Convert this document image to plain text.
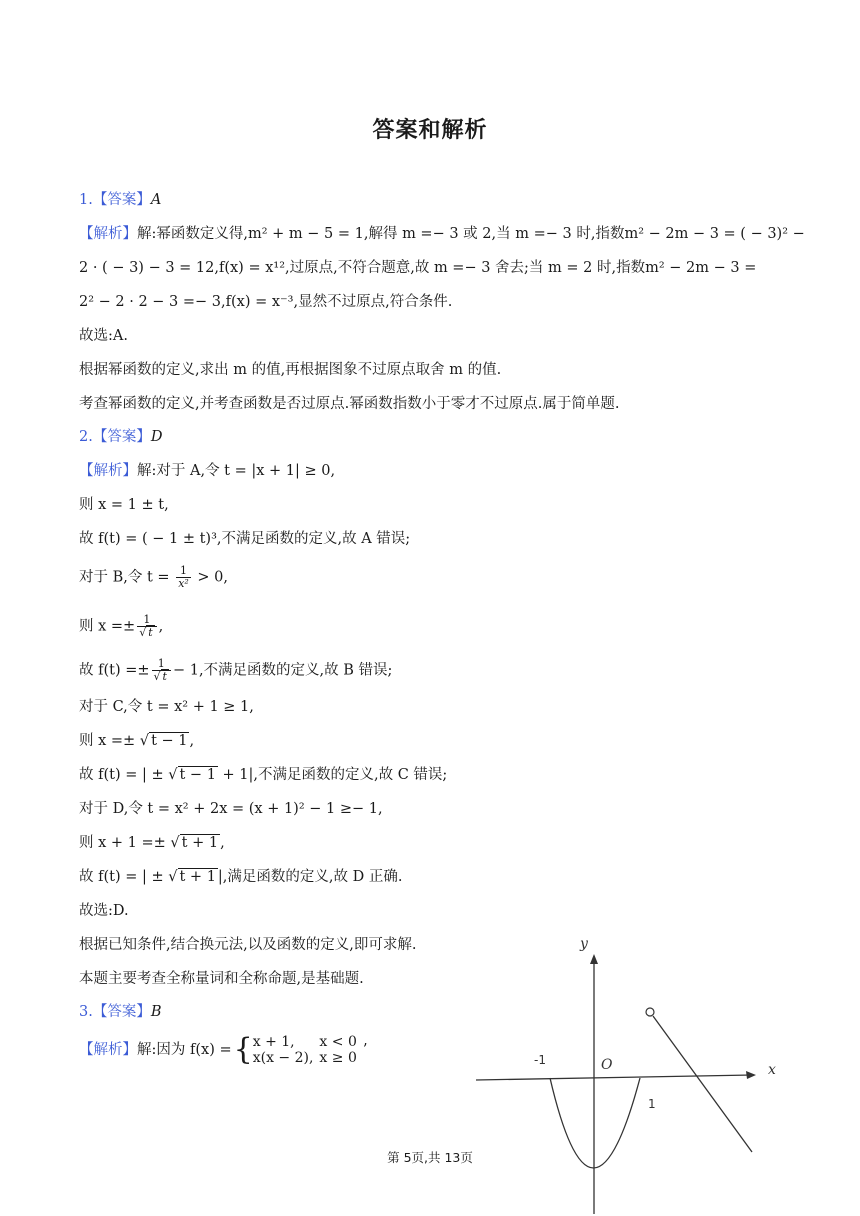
答案和解析
1.【答案】A
【解析】解:幂函数定义得,m² + m − 5 = 1,解得 m =− 3 或 2,当 m =− 3 时,指数m² − 2m − 3 = ( − 3)² −
2 · ( − 3) − 3 = 12,f(x) = x¹²,过原点,不符合题意,故 m =− 3 舍去;当 m = 2 时,指数m² − 2m − 3 =
2² − 2 · 2 − 3 =− 3,f(x) = x⁻³,显然不过原点,符合条件.
故选:A.
根据幂函数的定义,求出 m 的值,再根据图象不过原点取舍 m 的值.
考查幂函数的定义,并考查函数是否过原点.幂函数指数小于零才不过原点.属于简单题.
2.【答案】D
【解析】解:对于 A,令 t = |x + 1| ≥ 0,
则 x = 1 ± t,
故 f(t) = ( − 1 ± t)³,不满足函数的定义,故 A 错误;
对于 B,令 $t = \frac{1}{\text{x²}} > 0$,
则 $x =\pm \frac{1}{√ t}$ ,
故 $f(t) =\pm \frac{1}{√ t} - 1$,不满足函数的定义,故 B 错误;
对于 C,令 t = x² + 1 ≥ 1,
则 x =± √ t − 1 ,
故 f(t) = | ± √ t − 1 + 1|,不满足函数的定义,故 C 错误;
对于 D,令 t = x² + 2x = (x + 1)² − 1 ≥− 1,
则 x + 1 =± √ t + 1 ,
故 f(t) = | ± √ t + 1 |,满足函数的定义,故 D 正确.
故选:D.
根据已知条件,结合换元法,以及函数的定义,即可求解.
本题主要考查全称量词和全称命题,是基础题.
3.【答案】B
【解析】解:因为 f(x) ={ x + 1,	x < 0
x(x − 2),	x ≥ 0 ’
y
x
O
-1
1
第 5页,共 13页
